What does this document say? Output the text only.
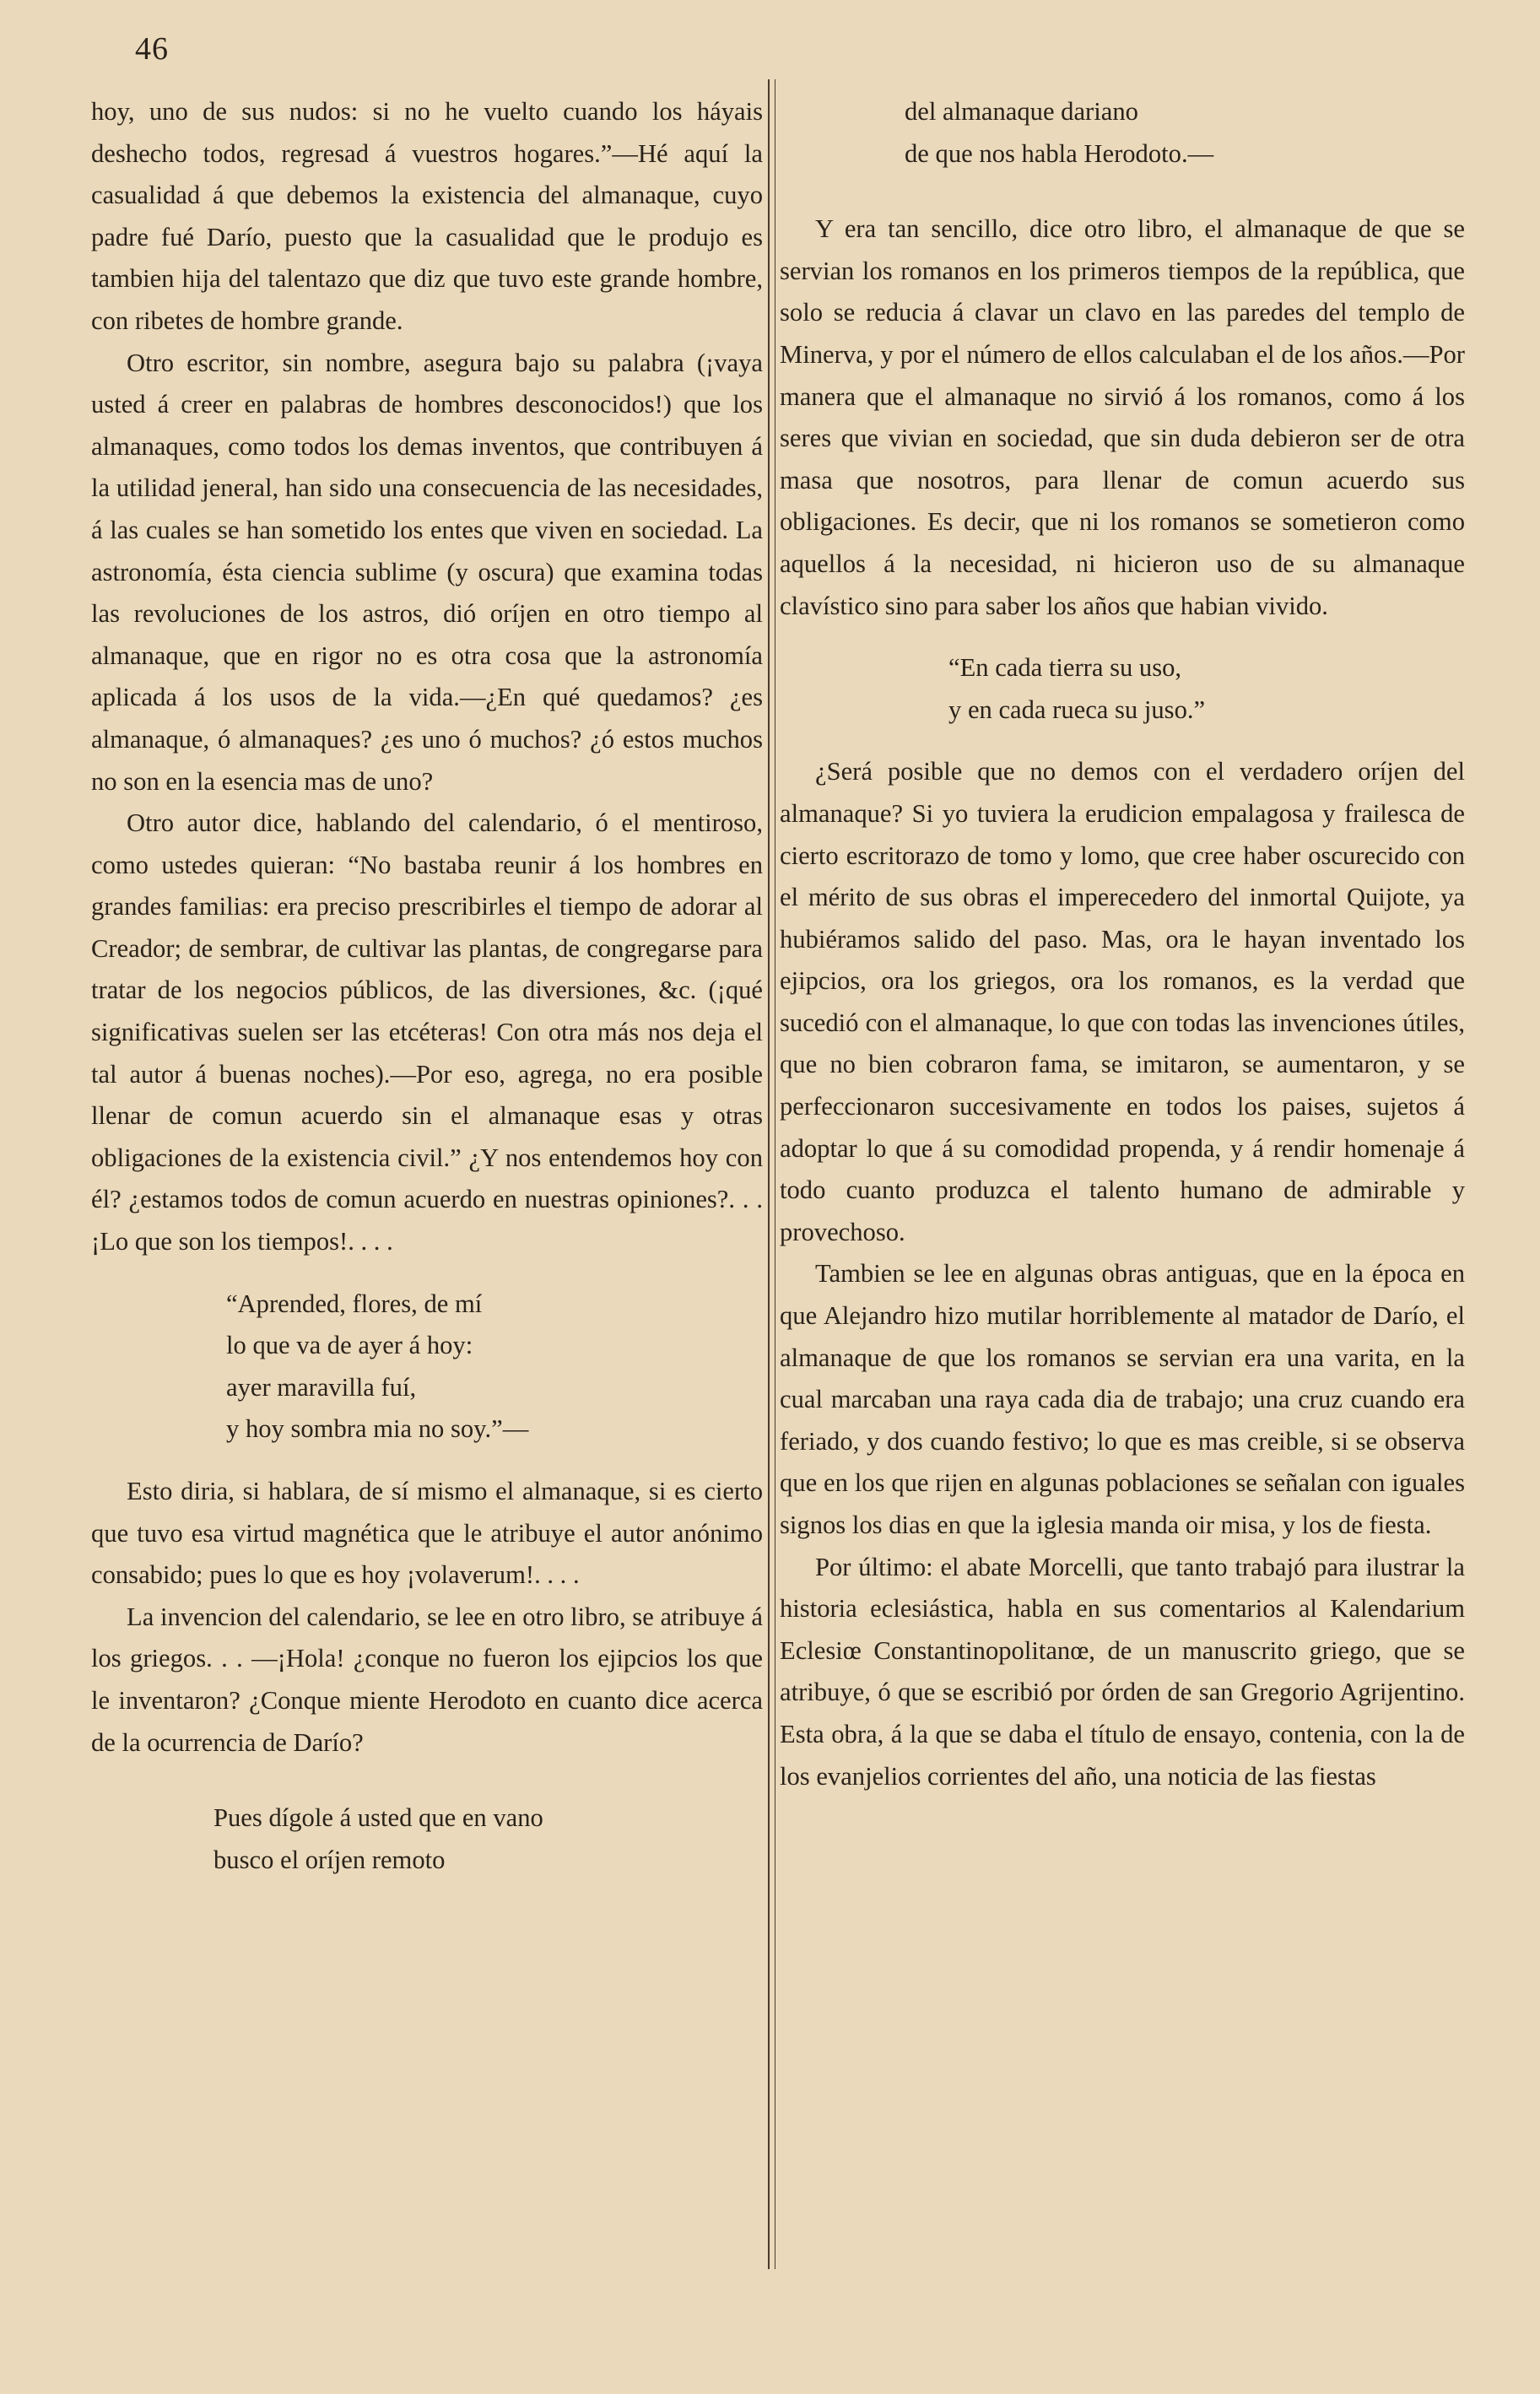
46

hoy, uno de sus nudos: si no he vuelto cuando los háyais deshecho todos, regresad á vuestros hogares.”—Hé aquí la casualidad á que debemos la existencia del almanaque, cuyo padre fué Darío, puesto que la casualidad que le produjo es tambien hija del talentazo que diz que tuvo este grande hombre, con ribetes de hombre grande.

Otro escritor, sin nombre, asegura bajo su palabra (¡vaya usted á creer en palabras de hombres desconocidos!) que los almanaques, como todos los demas inventos, que contribuyen á la utilidad jeneral, han sido una consecuencia de las necesidades, á las cuales se han sometido los entes que viven en sociedad. La astronomía, ésta ciencia sublime (y oscura) que examina todas las revoluciones de los astros, dió oríjen en otro tiempo al almanaque, que en rigor no es otra cosa que la astronomía aplicada á los usos de la vida.—¿En qué quedamos? ¿es almanaque, ó almanaques? ¿es uno ó muchos? ¿ó estos muchos no son en la esencia mas de uno?

Otro autor dice, hablando del calendario, ó el mentiroso, como ustedes quieran: “No bastaba reunir á los hombres en grandes familias: era preciso prescribirles el tiempo de adorar al Creador; de sembrar, de cultivar las plantas, de congregarse para tratar de los negocios públicos, de las diversiones, &c. (¡qué significativas suelen ser las etcéteras! Con otra más nos deja el tal autor á buenas noches).—Por eso, agrega, no era posible llenar de comun acuerdo sin el almanaque esas y otras obligaciones de la existencia civil.” ¿Y nos entendemos hoy con él? ¿estamos todos de comun acuerdo en nuestras opiniones?. . . ¡Lo que son los tiempos!. . . .

“Aprended, flores, de mí
lo que va de ayer á hoy:
ayer maravilla fuí,
y hoy sombra mia no soy.”—

Esto diria, si hablara, de sí mismo el almanaque, si es cierto que tuvo esa virtud magnética que le atribuye el autor anónimo consabido; pues lo que es hoy ¡volaverum!. . . .

La invencion del calendario, se lee en otro libro, se atribuye á los griegos. . . —¡Hola! ¿conque no fueron los ejipcios los que le inventaron? ¿Conque miente Herodoto en cuanto dice acerca de la ocurrencia de Darío?

Pues dígole á usted que en vano
busco el oríjen remoto
del almanaque dariano
de que nos habla Herodoto.—

Y era tan sencillo, dice otro libro, el almanaque de que se servian los romanos en los primeros tiempos de la república, que solo se reducia á clavar un clavo en las paredes del templo de Minerva, y por el número de ellos calculaban el de los años.—Por manera que el almanaque no sirvió á los romanos, como á los seres que vivian en sociedad, que sin duda debieron ser de otra masa que nosotros, para llenar de comun acuerdo sus obligaciones. Es decir, que ni los romanos se sometieron como aquellos á la necesidad, ni hicieron uso de su almanaque clavístico sino para saber los años que habian vivido.

“En cada tierra su uso,
y en cada rueca su juso.”

¿Será posible que no demos con el verdadero oríjen del almanaque? Si yo tuviera la erudicion empalagosa y frailesca de cierto escritorazo de tomo y lomo, que cree haber oscurecido con el mérito de sus obras el imperecedero del inmortal Quijote, ya hubiéramos salido del paso. Mas, ora le hayan inventado los ejipcios, ora los griegos, ora los romanos, es la verdad que sucedió con el almanaque, lo que con todas las invenciones útiles, que no bien cobraron fama, se imitaron, se aumentaron, y se perfeccionaron succesivamente en todos los paises, sujetos á adoptar lo que á su comodidad propenda, y á rendir homenaje á todo cuanto produzca el talento humano de admirable y provechoso.

Tambien se lee en algunas obras antiguas, que en la época en que Alejandro hizo mutilar horriblemente al matador de Darío, el almanaque de que los romanos se servian era una varita, en la cual marcaban una raya cada dia de trabajo; una cruz cuando era feriado, y dos cuando festivo; lo que es mas creible, si se observa que en los que rijen en algunas poblaciones se señalan con iguales signos los dias en que la iglesia manda oir misa, y los de fiesta.

Por último: el abate Morcelli, que tanto trabajó para ilustrar la historia eclesiástica, habla en sus comentarios al Kalendarium Eclesiœ Constantinopolitanœ, de un manuscrito griego, que se atribuye, ó que se escribió por órden de san Gregorio Agrijentino. Esta obra, á la que se daba el título de ensayo, contenia, con la de los evanjelios corrientes del año, una noticia de las fiestas
